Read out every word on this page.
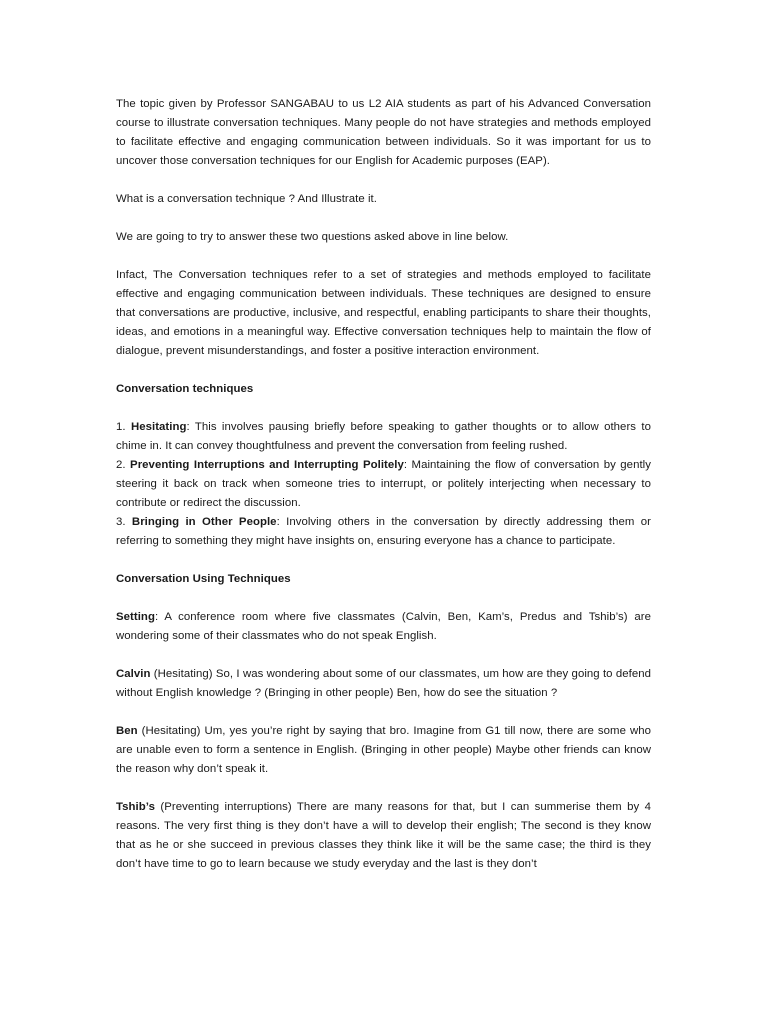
The topic given by Professor SANGABAU to us L2 AIA students as part of his Advanced Conversation course to illustrate conversation techniques. Many people do not have strategies and methods employed to facilitate effective and engaging communication between individuals. So it was important for us to uncover those conversation techniques for our English for Academic purposes (EAP).

What is a conversation technique ? And Illustrate it.

We are going to try to answer these two questions asked above in line below.

Infact, The Conversation techniques refer to a set of strategies and methods employed to facilitate effective and engaging communication between individuals. These techniques are designed to ensure that conversations are productive, inclusive, and respectful, enabling participants to share their thoughts, ideas, and emotions in a meaningful way. Effective conversation techniques help to maintain the flow of dialogue, prevent misunderstandings, and foster a positive interaction environment.

Conversation techniques

1. Hesitating: This involves pausing briefly before speaking to gather thoughts or to allow others to chime in. It can convey thoughtfulness and prevent the conversation from feeling rushed.

2. Preventing Interruptions and Interrupting Politely: Maintaining the flow of conversation by gently steering it back on track when someone tries to interrupt, or politely interjecting when necessary to contribute or redirect the discussion.

3. Bringing in Other People: Involving others in the conversation by directly addressing them or referring to something they might have insights on, ensuring everyone has a chance to participate.

Conversation Using Techniques

Setting: A conference room where five classmates (Calvin, Ben, Kam’s, Predus and Tshib’s) are wondering some of their classmates who do not speak English.

Calvin (Hesitating) So, I was wondering about some of our classmates, um how are they going to defend without English knowledge ? (Bringing in other people) Ben, how do see the situation ?

Ben (Hesitating) Um, yes you’re right by saying that bro. Imagine from G1 till now, there are some who are unable even to form a sentence in English. (Bringing in other people) Maybe other friends can know the reason why don’t speak it.

Tshib’s (Preventing interruptions) There are many reasons for that, but I can summerise them by 4 reasons. The very first thing is they don’t have a will to develop their english; The second is they know that as he or she succeed in previous classes they think like it will be the same case; the third is they don’t have time to go to learn because we study everyday and the last is they don’t
